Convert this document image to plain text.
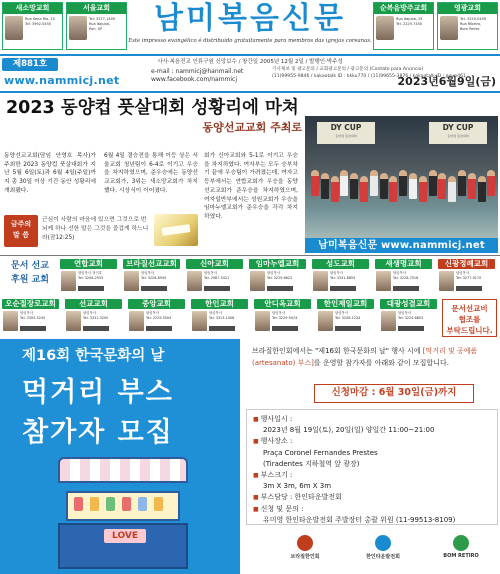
새소망교회
Rua Sena Rio, 25
Tel: 3992-0450
서울교회
Tel: 3277-1409
Rua Itajubá,
Pari, SP	남미복음신문
Este impresso evangélico é distribuído gratuitamente para membros das igrejas coreanas.
순복음방주교회
Rua Itajubá, 25
Tel: 2229-7450
영광교회
Tel: 3229-0459
Rua Ribeiro,
Bom Retiro
제881호	사사·복음전교 인류구원 신앙보수 / 창간일 2005년 12월 2일 / 발행인·박주성
e-mail : nammicj@hanmail.net
www.facebook.com/nammicj
기사제보 및 광고문의 / 교회광고문의 / 광고문의 (Contato para Anúncio)
(11)99955-9846 / kakaotalk ID : kkku770 / (11)99655-3876 / kakaotalk ID : goun461
www.nammicj.net	2023년6월9일(금)
2023 동양컵 풋살대회 성황리에 마쳐
동양선교교회 주최로
동양선교교회(담임 안영호 목사)가 주최한 2023 동양컵 풋살대회가 지난 5월 6일(토)과 6월 4일(주일)까지 총 30일 이상 기간 동안 성황리에 개최됐다.
6월 4일 결승전을 통해 이등 상은 서울교회 청년팀이 6-4로 이기고 우승을 차지하였으며, 준우승에는 동양선교교회가, 3위는 새소망교회가 차지했다. 시상식이 이어졌다.
회가 신아교회와 5-1로 이기고 우승을 차지하였다. 여자부는 모두 승부차기 끝에 우승팀이 가려졌는데, 여자고등부에서는 연합교회가 우승을 동양선교교회가 준우승을 차지하였으며, 여자일반부에서는 성원교회가 우승을 임마누엘교회가 준우승을 각각 차지하였다.
금주의
말 씀
근심이 사람의 마음에 있으면 그것으로 번뇌케 하나 선한 말은 그것을 즐겁게 하느니라(잠12:25)
DY CUP
동양컵 풋살대회
DY CUP
동양컵 풋살대회
남미복음신문 www.nammicj.net
문서 선교
후원 교회
연합교회
담임목사 정인호
Tel: 3208-2555
브라질선교교회
담임목사
Tel: 3226-8945
신아교회
담임목사
Tel: 2987-5421
임마누엘교회
담임목사
Tel: 3229-6622
성도교회
담임목사
Tel: 3331-8855
새생명교회
담임목사
Tel: 3228-7018
신광정례교회
담임목사
Tel: 3277-9170
오순절장로교회
담임목사
Tel: 3393-5245
선교교회
담임목사
Tel: 3331-3200
중앙교회
담임목사
Tel: 2229-5504
한인교회
담임목사
Tel: 3313-1008
안디옥교회
담임목사
Tel: 3229-9474
한인제일교회
담임목사
Tel: 3208-1234
대광성결교회
담임목사
Tel: 3224-6803
문서선교비
협조를
부탁드립니다.
제16회 한국문화의 날
먹거리 부스
참가자 모집
LOVE
브라질한인회에서는 "제16회 한국문화의 날" 행사 시에 [먹거리 및 공예품(artesanato) 부스]를 운영할 참가자를 아래와 같이 모집합니다.
신청마감 : 6월 30일(금)까지
■ 행사일시 :
2023년 8월 19일(토), 20일(일) 양일간 11:00~21:00
■ 행사장소 :
Praça Coronel Fernandes Prestes
(Tiradentes 지하철역 앞 광장)
■ 부스크기 :
3m X 3m, 6m X 3m
■ 부스담당 : 한인타운발전회
■ 신청 및 문의 :
유미영 한인타운발전회 주발장터 총괄 위원 (11-99513-8109)
브라질한인회	한인타운발전회	BOM RETIRO
